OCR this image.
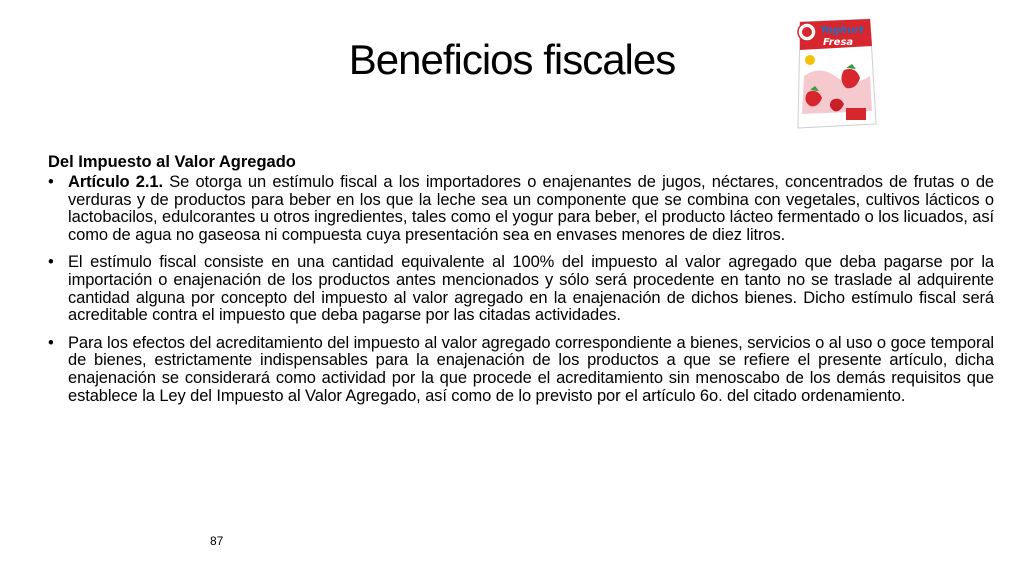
Beneficios fiscales
Yoghurt
Fresa

Del Impuesto al Valor Agregado

• Artículo 2.1. Se otorga un estímulo fiscal a los importadores o enajenantes de jugos, néctares, concentrados de frutas o de verduras y de productos para beber en los que la leche sea un componente que se combina con vegetales, cultivos lácticos o lactobacilos, edulcorantes u otros ingredientes, tales como el yogur para beber, el producto lácteo fermentado o los licuados, así como de agua no gaseosa ni compuesta cuya presentación sea en envases menores de diez litros.
• El estímulo fiscal consiste en una cantidad equivalente al 100% del impuesto al valor agregado que deba pagarse por la importación o enajenación de los productos antes mencionados y sólo será procedente en tanto no se traslade al adquirente cantidad alguna por concepto del impuesto al valor agregado en la enajenación de dichos bienes. Dicho estímulo fiscal será acreditable contra el impuesto que deba pagarse por las citadas actividades.
• Para los efectos del acreditamiento del impuesto al valor agregado correspondiente a bienes, servicios o al uso o goce temporal de bienes, estrictamente indispensables para la enajenación de los productos a que se refiere el presente artículo, dicha enajenación se considerará como actividad por la que procede el acreditamiento sin menoscabo de los demás requisitos que establece la Ley del Impuesto al Valor Agregado, así como de lo previsto por el artículo 6o. del citado ordenamiento.
87
